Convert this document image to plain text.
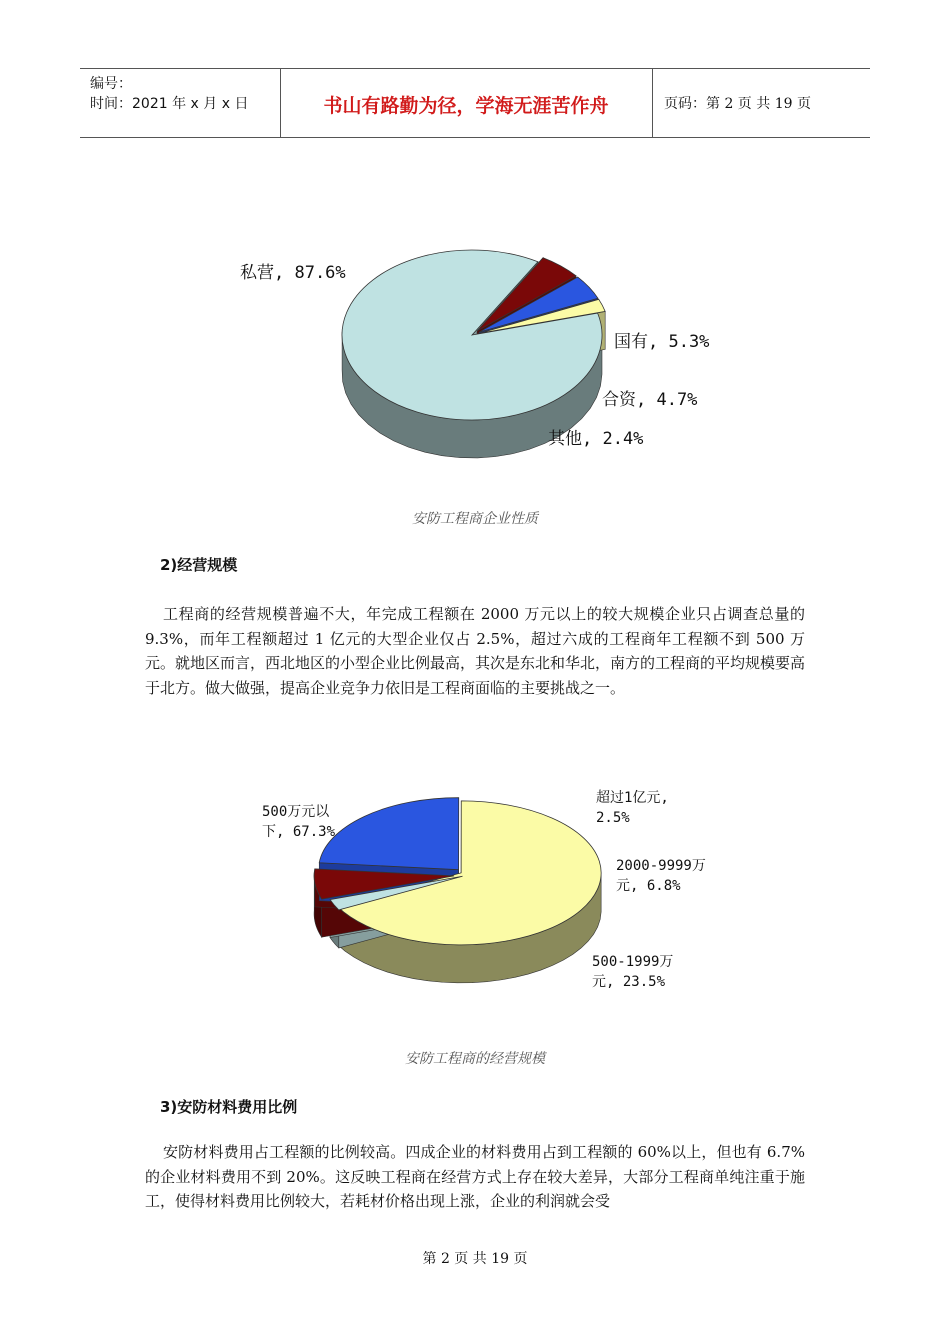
编号：
时间：2021 年 x 月 x 日	书山有路勤为径，学海无涯苦作舟	页码：第 2 页 共 19 页
私营, 87.6%
国有, 5.3%
合资, 4.7%
其他, 2.4%
安防工程商企业性质
2)经营规模
工程商的经营规模普遍不大，年完成工程额在 2000 万元以上的较大规模企业只占调查总量的 9.3%，而年工程额超过 1 亿元的大型企业仅占 2.5%，超过六成的工程商年工程额不到 500 万元。就地区而言，西北地区的小型企业比例最高，其次是东北和华北，南方的工程商的平均规模要高于北方。做大做强，提高企业竞争力依旧是工程商面临的主要挑战之一。
500万元以
下, 67.3%
超过1亿元,
2.5%
2000-9999万
元, 6.8%
500-1999万
元, 23.5%
安防工程商的经营规模
3)安防材料费用比例
安防材料费用占工程额的比例较高。四成企业的材料费用占到工程额的 60%以上，但也有 6.7%的企业材料费用不到 20%。这反映工程商在经营方式上存在较大差异，大部分工程商单纯注重于施工，使得材料费用比例较大，若耗材价格出现上涨，企业的利润就会受
第 2 页 共 19 页
